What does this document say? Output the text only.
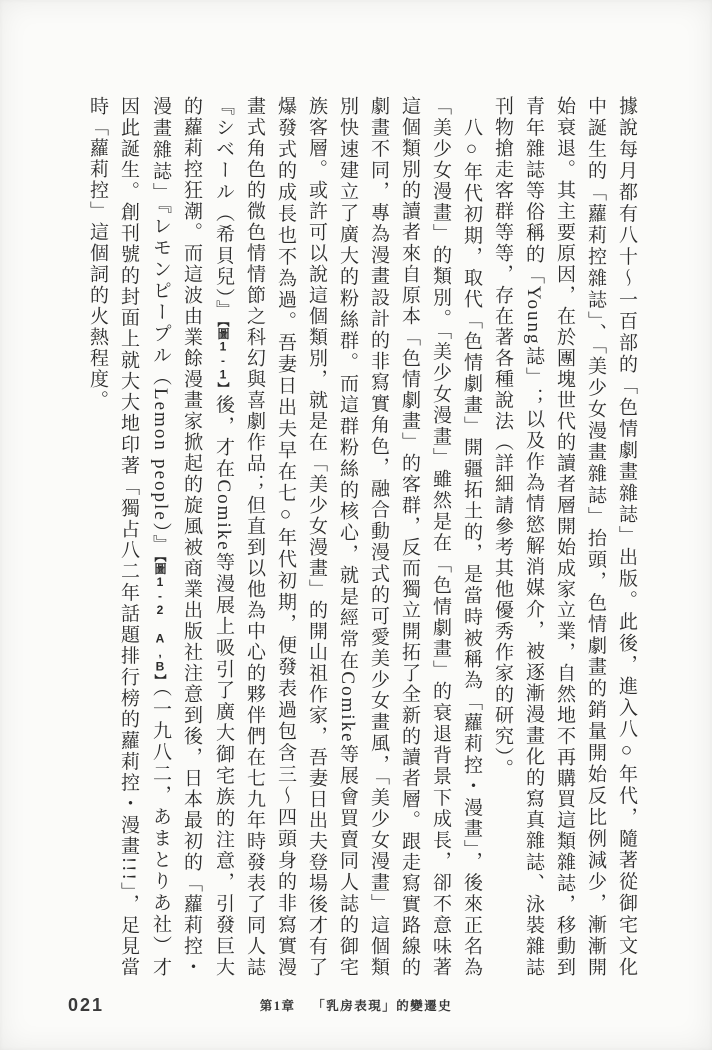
據說每月都有八十～一百部的「色情劇畫雜誌」出版。此後，進入八○年代，隨著從御宅文化中誕生的「蘿莉控雜誌」、「美少女漫畫雜誌」抬頭，色情劇畫的銷量開始反比例減少，漸漸開始衰退。其主要原因，在於團塊世代的讀者層開始成家立業，自然地不再購買這類雜誌，移動到青年雜誌等俗稱的「Young誌」；以及作為情慾解消媒介，被逐漸漫畫化的寫真雜誌、泳裝雜誌刊物搶走客群等等，存在著各種說法（詳細請參考其他優秀作家的研究）。

　八○年代初期，取代「色情劇畫」開疆拓土的，是當時被稱為「蘿莉控・漫畫」，後來正名為「美少女漫畫」的類別。「美少女漫畫」雖然是在「色情劇畫」的衰退背景下成長，卻不意味著這個類別的讀者來自原本「色情劇畫」的客群，反而獨立開拓了全新的讀者層。跟走寫實路線的劇畫不同，專為漫畫設計的非寫實角色，融合動漫式的可愛美少女畫風，「美少女漫畫」這個類別快速建立了廣大的粉絲群。而這群粉絲的核心，就是經常在Comike等展會買賣同人誌的御宅族客層。或許可以說這個類別，就是在「美少女漫畫」的開山祖作家，吾妻日出夫登場後才有了爆發式的成長也不為過。吾妻日出夫早在七○年代初期，便發表過包含三～四頭身的非寫實漫畫式角色的微色情情節之科幻與喜劇作品；但直到以他為中心的夥伴們在七九年時發表了同人誌『シベール（希貝兒）』【圖1-1】後，才在Comike等漫展上吸引了廣大御宅族的注意，引發巨大的蘿莉控狂潮。而這波由業餘漫畫家掀起的旋風被商業出版社注意到後，日本最初的「蘿莉控・漫畫雜誌」『レモンピープル（Lemon people）』【圖1-2 A,B】（一九八二，あまとりあ社）才因此誕生。創刊號的封面上就大大地印著「獨占八二年話題排行榜的蘿莉控・漫畫!!!」，足見當時「蘿莉控」這個詞的火熱程度。

021	第1章 「乳房表現」的變遷史
